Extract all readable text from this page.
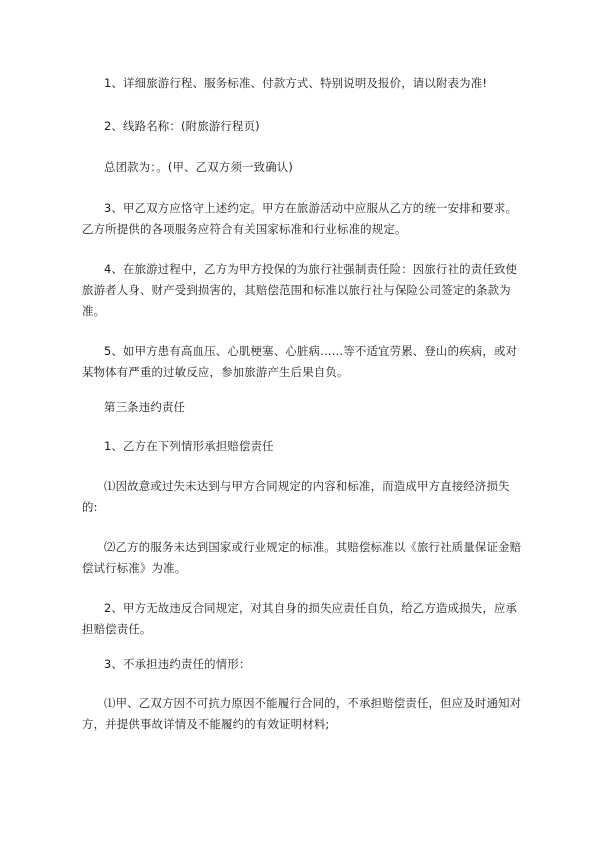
1、详细旅游行程、服务标准、付款方式、特别说明及报价，请以附表为准!

2、线路名称：(附旅游行程页)

总团款为：。(甲、乙双方须一致确认)

3、甲乙双方应恪守上述约定。甲方在旅游活动中应服从乙方的统一安排和要求。乙方所提供的各项服务应符合有关国家标准和行业标准的规定。

4、在旅游过程中，乙方为甲方投保的为旅行社强制责任险：因旅行社的责任致使旅游者人身、财产受到损害的，其赔偿范围和标准以旅行社与保险公司签定的条款为准。

5、如甲方患有高血压、心肌梗塞、心脏病……等不适宜劳累、登山的疾病，或对某物体有严重的过敏反应，参加旅游产生后果自负。

第三条违约责任

1、乙方在下列情形承担赔偿责任

⑴因故意或过失未达到与甲方合同规定的内容和标准，而造成甲方直接经济损失的:

⑵乙方的服务未达到国家或行业规定的标准。其赔偿标准以《旅行社质量保证金赔偿试行标准》为准。

2、甲方无故违反合同规定，对其自身的损失应责任自负，给乙方造成损失，应承担赔偿责任。

3、不承担违约责任的情形：

⑴甲、乙双方因不可抗力原因不能履行合同的，不承担赔偿责任，但应及时通知对方，并提供事故详情及不能履约的有效证明材料;
